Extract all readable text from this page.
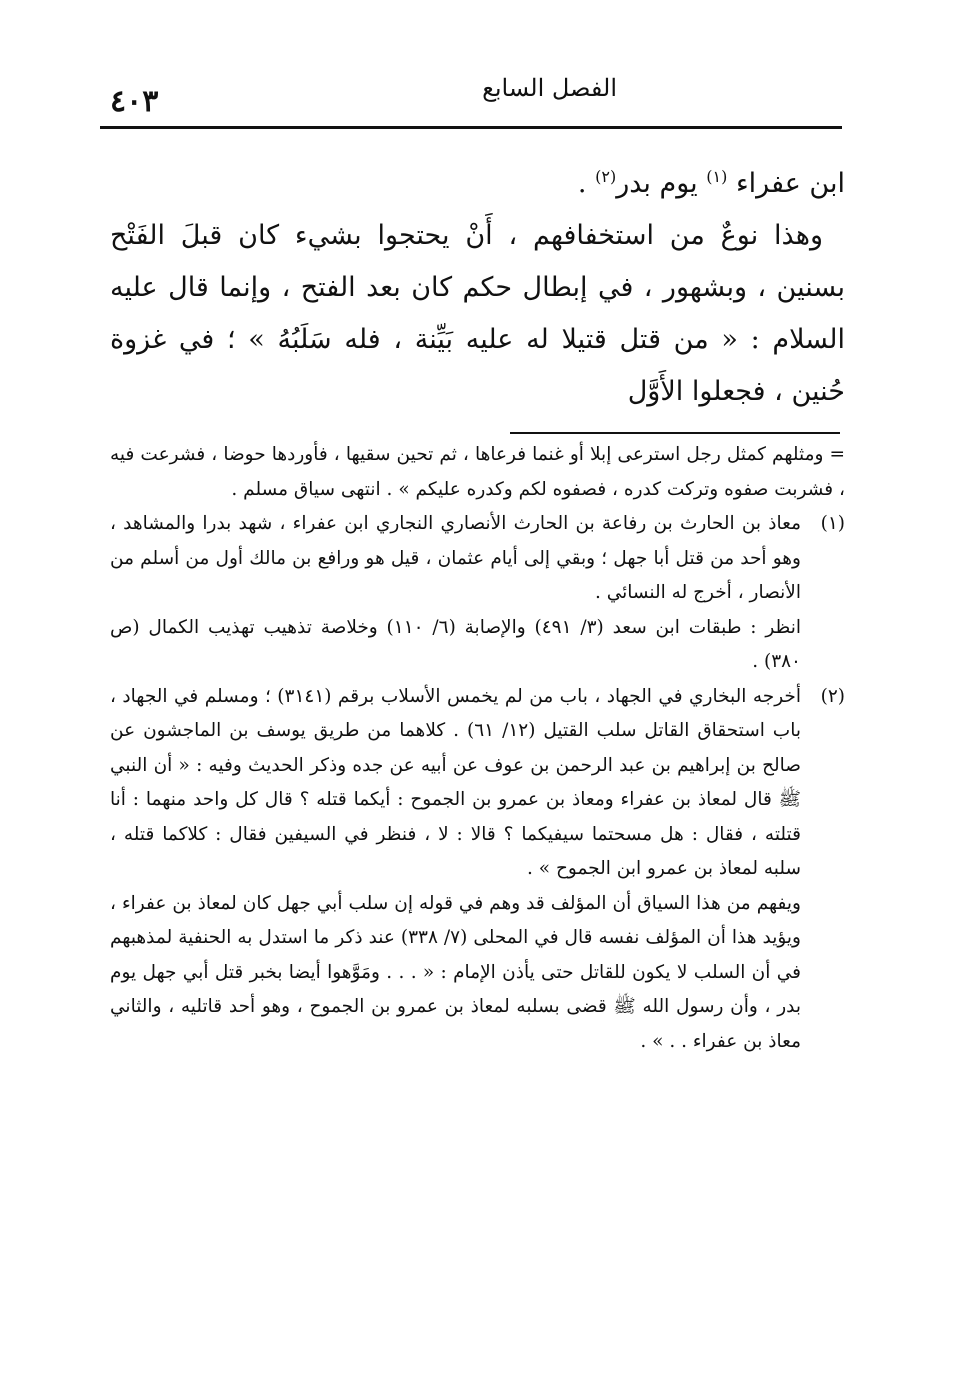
الفصل السابع
٤٠٣

ابن عفراء $^{(١)}$ يوم بدر$^{(٢)}$ .

وهذا نوعٌ من استخفافهم ، أَنْ يحتجوا بشيء كان قبلَ الفَتْح بسنين ، وبشهور ، في إبطال حكم كان بعد الفتح ، وإنما قال عليه السلام : « من قتل قتيلا له عليه بَيِّنة ، فله سَلَبُهُ » ؛ في غزوة حُنين ، فجعلوا الأَوَّل

= ومثلهم كمثل رجل استرعى إبلا أو غنما فرعاها ، ثم تحين سقيها ، فأوردها حوضا ، فشرعت فيه ، فشربت صفوه وتركت كدره ، فصفوه لكم وكدره عليكم » . انتهى سياق مسلم .

(١)معاذ بن الحارث بن رفاعة بن الحارث الأنصاري النجاري ابن عفراء ، شهد بدرا والمشاهد ، وهو أحد من قتل أبا جهل ؛ وبقي إلى أيام عثمان ، قيل هو ورافع بن مالك أول من أسلم من الأنصار ، أخرج له النسائي .

انظر : طبقات ابن سعد (٣/ ٤٩١) والإصابة (٦/ ١١٠) وخلاصة تذهيب تهذيب الكمال (ص ٣٨٠) .

(٢)أخرجه البخاري في الجهاد ، باب من لم يخمس الأسلاب برقم (٣١٤١) ؛ ومسلم في الجهاد ، باب استحقاق القاتل سلب القتيل (١٢/ ٦١) . كلاهما من طريق يوسف بن الماجشون عن صالح بن إبراهيم بن عبد الرحمن بن عوف عن أبيه عن جده وذكر الحديث وفيه : « أن النبي ﷺ قال لمعاذ بن عفراء ومعاذ بن عمرو بن الجموح : أيكما قتله ؟ قال كل واحد منهما : أنا قتلته ، فقال : هل مسحتما سيفيكما ؟ قالا : لا ، فنظر في السيفين فقال : كلاكما قتله ، سلبه لمعاذ بن عمرو ابن الجموح » .

ويفهم من هذا السياق أن المؤلف قد وهم في قوله إن سلب أبي جهل كان لمعاذ بن عفراء ، ويؤيد هذا أن المؤلف نفسه قال في المحلى (٧/ ٣٣٨) عند ذكر ما استدل به الحنفية لمذهبهم في أن السلب لا يكون للقاتل حتى يأذن الإمام : « . . . ومَوَّهوا أيضا بخبر قتل أبي جهل يوم بدر ، وأن رسول الله ﷺ قضى بسلبه لمعاذ بن عمرو بن الجموح ، وهو أحد قاتليه ، والثاني معاذ بن عفراء . . » .
